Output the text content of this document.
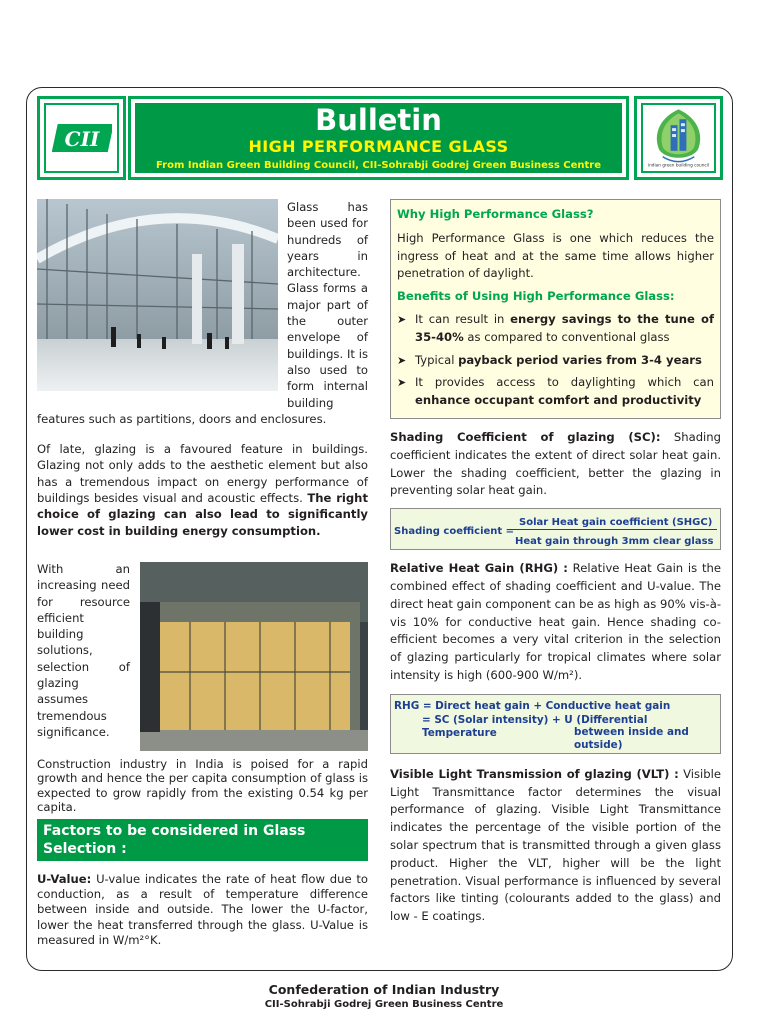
CII
Bulletin
HIGH PERFORMANCE GLASS
From Indian Green Building Council, CII-Sohrabji Godrej Green Business Centre	indian green building council
Glass has been used for hundreds of years in architecture. Glass forms a major part of the outer envelope of buildings. It is also used to form internal building features such as partitions, doors and enclosures.
Of late, glazing is a favoured feature in buildings. Glazing not only adds to the aesthetic element but also has a tremendous impact on energy performance of buildings besides visual and acoustic effects. The right choice of glazing can also lead to significantly lower cost in building energy consumption.
With an increasing need for resource efficient building solutions, selection of glazing assumes tremendous significance.
Construction industry in India is poised for a rapid growth and hence the per capita consumption of glass is expected to grow rapidly from the existing 0.54 kg per capita.
Factors to be considered in Glass Selection :
U-Value: U-value indicates the rate of heat flow due to conduction, as a result of temperature difference between inside and outside. The lower the U-factor, lower the heat transferred through the glass. U-Value is measured in W/m²°K.
Why High Performance Glass?

High Performance Glass is one which reduces the ingress of heat and at the same time allows higher penetration of daylight.

Benefits of Using High Performance Glass:
➤ It can result in energy savings to the tune of 35-40% as compared to conventional glass
➤ Typical payback period varies from 3-4 years
➤ It provides access to daylighting which can enhance occupant comfort and productivity
Shading Coefficient of glazing (SC): Shading coefficient indicates the extent of direct solar heat gain. Lower the shading coefficient, better the glazing in preventing solar heat gain.
Shading coefficient =
Solar Heat gain coefficient (SHGC)
Heat gain through 3mm clear glass
Relative Heat Gain (RHG) : Relative Heat Gain is the combined effect of shading coefficient and U-value. The direct heat gain component can be as high as 90% vis-à-vis 10% for conductive heat gain. Hence shading co-efficient becomes a very vital criterion in the selection of glazing particularly for tropical climates where solar intensity is high (600-900 W/m²).
RHG = Direct heat gain + Conductive heat gain
= SC (Solar intensity) + U (Differential Temperature	between inside and outside)
Visible Light Transmission of glazing (VLT) : Visible Light Transmittance factor determines the visual performance of glazing. Visible Light Transmittance indicates the percentage of the visible portion of the solar spectrum that is transmitted through a given glass product. Higher the VLT, higher will be the light penetration. Visual performance is influenced by several factors like tinting (colourants added to the glass) and low - E coatings.
Confederation of Indian Industry
CII-Sohrabji Godrej Green Business Centre
